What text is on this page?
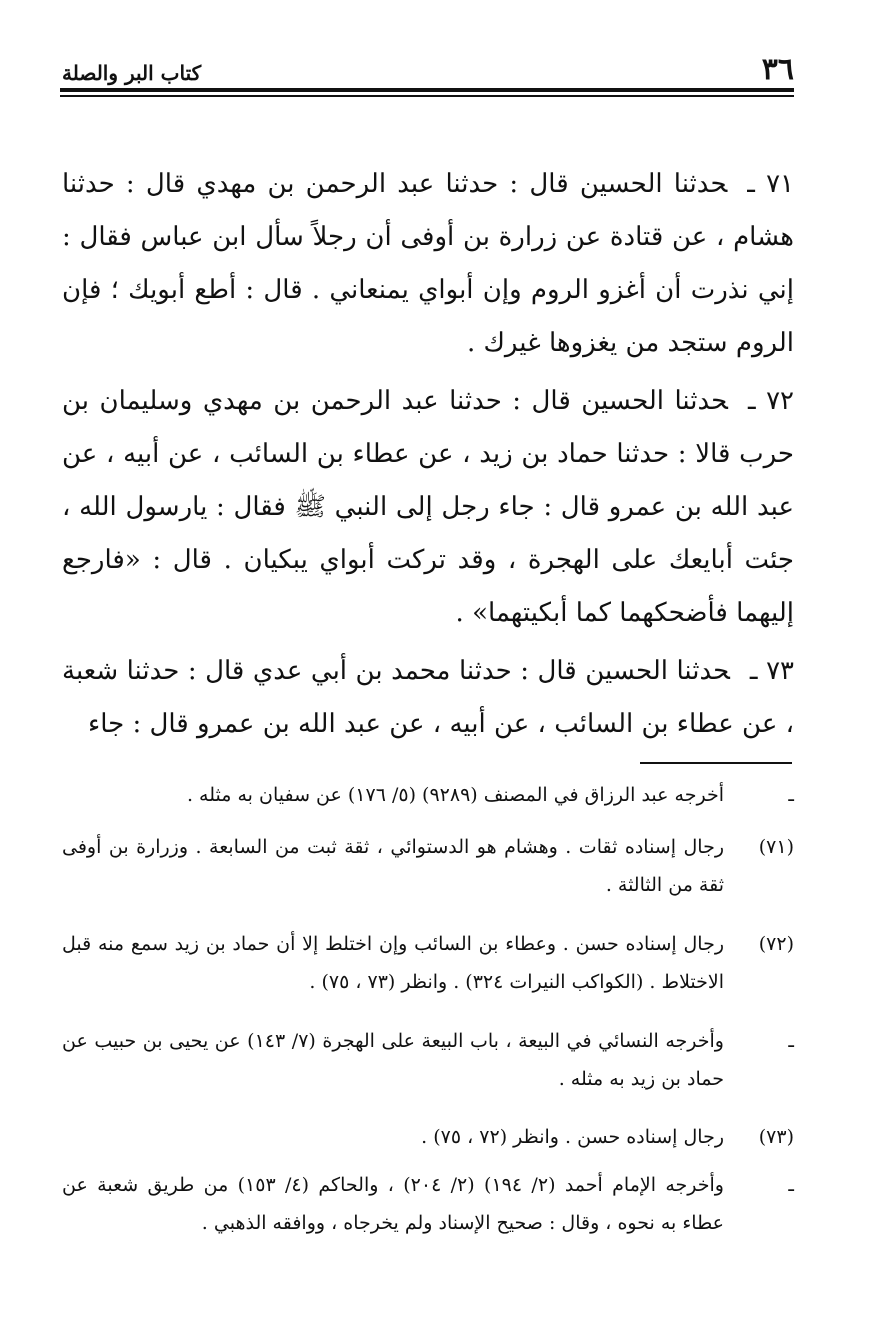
٣٦
كتاب البر والصلة

٧١ ـحدثنا الحسين قال : حدثنا عبد الرحمن بن مهدي قال : حدثنا هشام ، عن قتادة عن زرارة بن أوفى أن رجلاً سأل ابن عباس فقال : إني نذرت أن أغزو الروم وإن أبواي يمنعاني . قال : أطع أبويك ؛ فإن الروم ستجد من يغزوها غيرك .

٧٢ ـحدثنا الحسين قال : حدثنا عبد الرحمن بن مهدي وسليمان بن حرب قالا : حدثنا حماد بن زيد ، عن عطاء بن السائب ، عن أبيه ، عن عبد الله بن عمرو قال : جاء رجل إلى النبي ﷺ فقال : يارسول الله ، جئت أبايعك على الهجرة ، وقد تركت أبواي يبكيان . قال : «فارجع إليهما فأضحكهما كما أبكيتهما» .

٧٣ ـحدثنا الحسين قال : حدثنا محمد بن أبي عدي قال : حدثنا شعبة ، عن عطاء بن السائب ، عن أبيه ، عن عبد الله بن عمرو قال : جاء

ـ
أخرجه عبد الرزاق في المصنف (٩٢٨٩) (٥/ ١٧٦) عن سفيان به مثله .
(٧١)
رجال إسناده ثقات . وهشام هو الدستوائي ، ثقة ثبت من السابعة . وزرارة بن أوفى ثقة من الثالثة .
(٧٢)
رجال إسناده حسن . وعطاء بن السائب وإن اختلط إلا أن حماد بن زيد سمع منه قبل الاختلاط . (الكواكب النيرات ٣٢٤) . وانظر (٧٣ ، ٧٥) .
ـ
وأخرجه النسائي في البيعة ، باب البيعة على الهجرة (٧/ ١٤٣) عن يحيى بن حبيب عن حماد بن زيد به مثله .
(٧٣)
رجال إسناده حسن . وانظر (٧٢ ، ٧٥) .
ـ
وأخرجه الإمام أحمد (٢/ ١٩٤) (٢/ ٢٠٤) ، والحاكم (٤/ ١٥٣) من طريق شعبة عن عطاء به نحوه ، وقال : صحيح الإسناد ولم يخرجاه ، ووافقه الذهبي .
